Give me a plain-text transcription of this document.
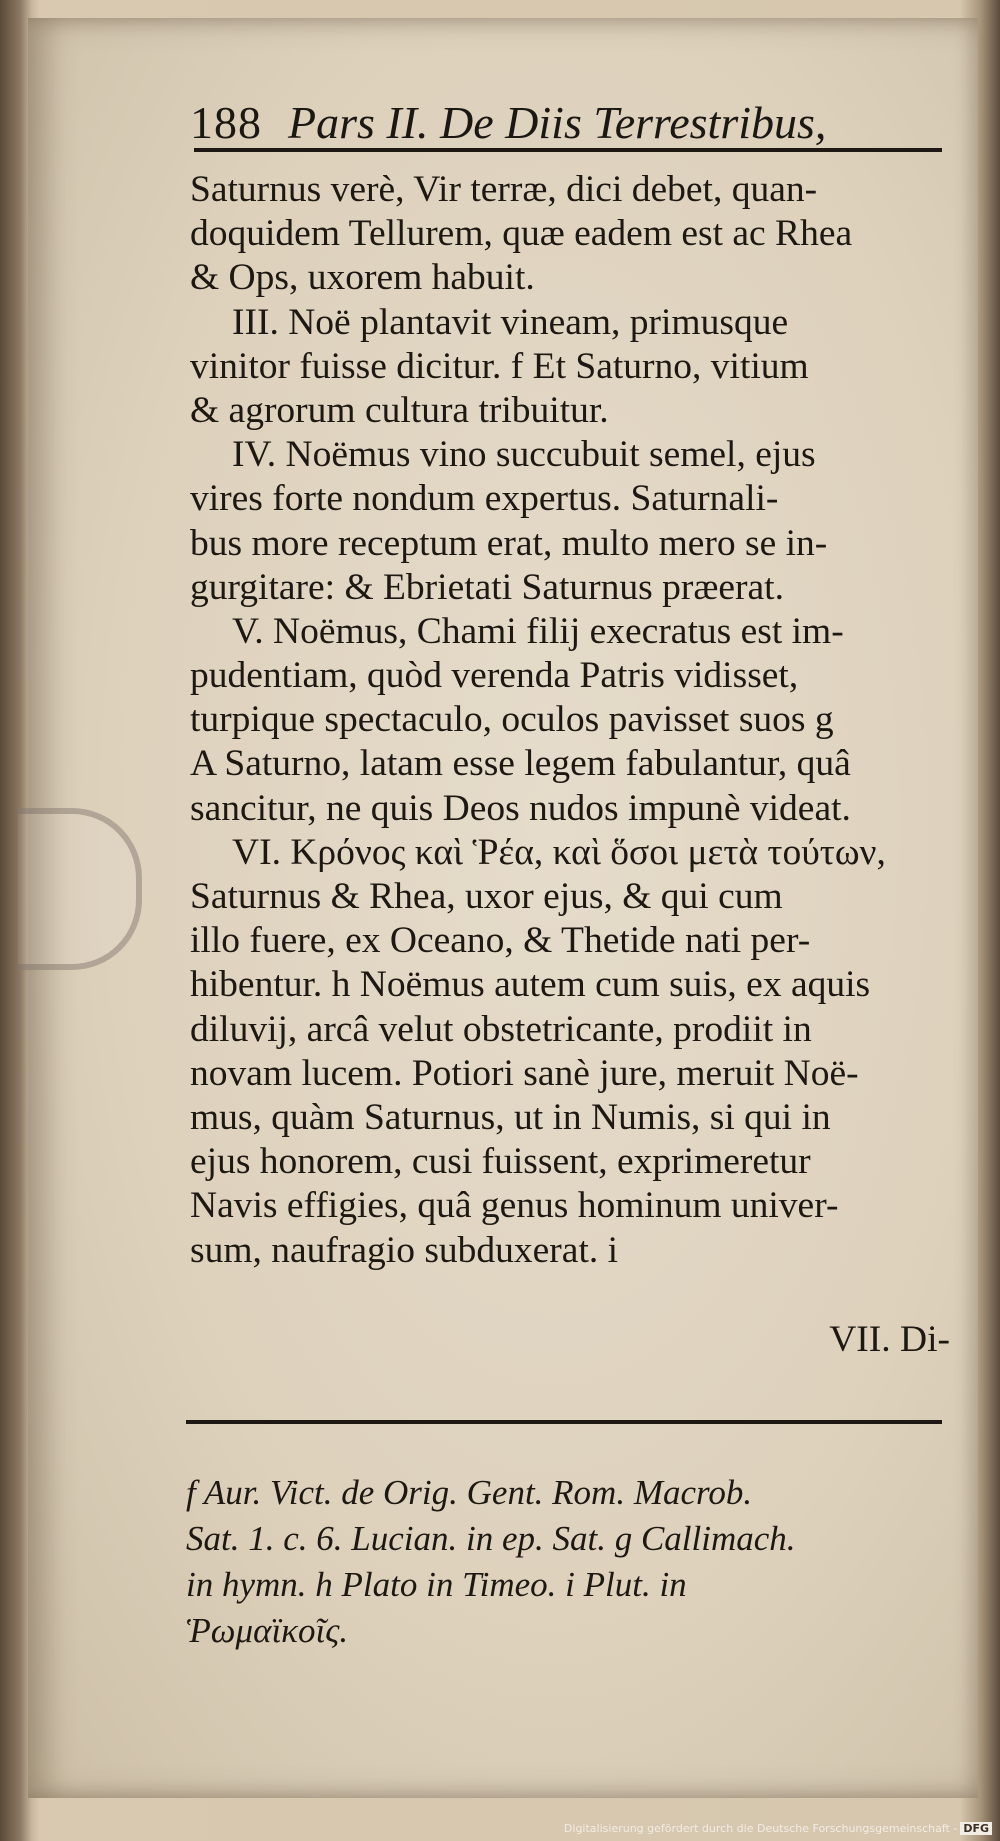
188 Pars II. De Diis Terrestribus,
Saturnus verè, Vir terræ, dici debet, quan-
doquidem Tellurem, quæ eadem est ac Rhea
& Ops, uxorem habuit.
III. Noë plantavit vineam, primusque
vinitor fuisse dicitur. f Et Saturno, vitium
& agrorum cultura tribuitur.
IV. Noëmus vino succubuit semel, ejus
vires forte nondum expertus. Saturnali-
bus more receptum erat, multo mero se in-
gurgitare: & Ebrietati Saturnus præerat.
V. Noëmus, Chami filij execratus est im-
pudentiam, quòd verenda Patris vidisset,
turpique spectaculo, oculos pavisset suos g
A Saturno, latam esse legem fabulantur, quâ
sancitur, ne quis Deos nudos impunè videat.
VI. Κρόνος καὶ Ῥέα, καὶ ὅσοι μετὰ τούτων,
Saturnus & Rhea, uxor ejus, & qui cum
illo fuere, ex Oceano, & Thetide nati per-
hibentur. h Noëmus autem cum suis, ex aquis
diluvij, arcâ velut obstetricante, prodiit in
novam lucem. Potiori sanè jure, meruit Noë-
mus, quàm Saturnus, ut in Numis, si qui in
ejus honorem, cusi fuissent, exprimeretur
Navis effigies, quâ genus hominum univer-
sum, naufragio subduxerat. i
VII. Di-
f Aur. Vict. de Orig. Gent. Rom. Macrob.
Sat. 1. c. 6. Lucian. in ep. Sat. g Callimach.
in hymn. h Plato in Timeo. i Plut. in
Ῥωμαϊκοῖς.
Digitalisierung gefördert durch die Deutsche Forschungsgemeinschaft - DFG
